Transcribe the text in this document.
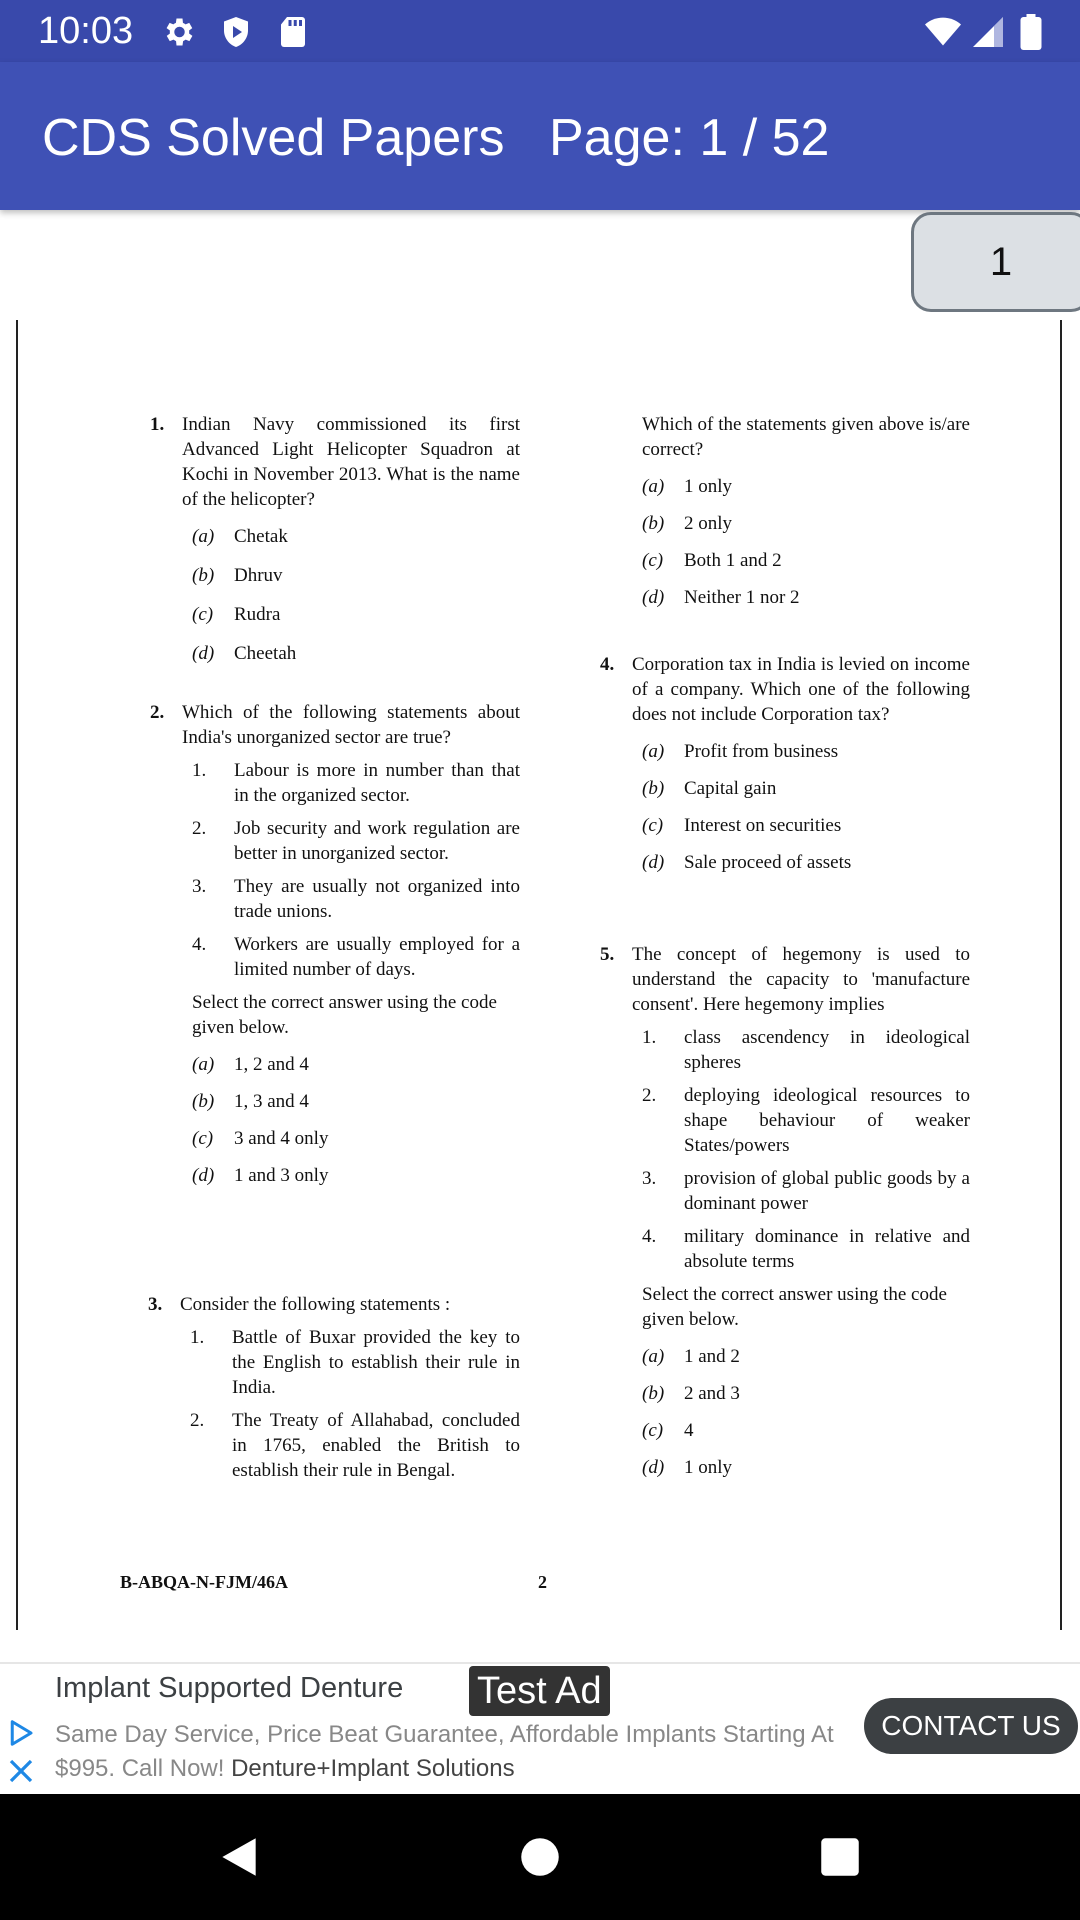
10:03
CDS Solved Papers Page: 1 / 52
1
1. Indian Navy commissioned its first Advanced Light Helicopter Squadron at Kochi in November 2013. What is the name of the helicopter?
(a)	Chetak
(b)	Dhruv
(c)	Rudra
(d)	Cheetah
2. Which of the following statements about India's unorganized sector are true?
1.	Labour is more in number than that in the organized sector.
2.	Job security and work regulation are better in unorganized sector.
3.	They are usually not organized into trade unions.
4.	Workers are usually employed for a limited number of days.
Select the correct answer using the code given below.
(a)	1, 2 and 4
(b)	1, 3 and 4
(c)	3 and 4 only
(d)	1 and 3 only
3. Consider the following statements :
1.	Battle of Buxar provided the key to the English to establish their rule in India.
2.	The Treaty of Allahabad, concluded in 1765, enabled the British to establish their rule in Bengal.
Which of the statements given above is/are correct?
(a)	1 only
(b)	2 only
(c)	Both 1 and 2
(d)	Neither 1 nor 2
4. Corporation tax in India is levied on income of a company. Which one of the following does not include Corporation tax?
(a)	Profit from business
(b)	Capital gain
(c)	Interest on securities
(d)	Sale proceed of assets
5. The concept of hegemony is used to understand the capacity to 'manufacture consent'. Here hegemony implies
1.	class ascendency in ideological spheres
2.	deploying ideological resources to shape behaviour of weaker States/powers
3.	provision of global public goods by a dominant power
4.	military dominance in relative and absolute terms
Select the correct answer using the code given below.
(a)	1 and 2
(b)	2 and 3
(c)	4
(d)	1 only
B-ABQA-N-FJM/46A	2
Implant Supported Denture Test Ad
Same Day Service, Price Beat Guarantee, Affordable Implants Starting At $995. Call Now! Denture+Implant Solutions
CONTACT US
